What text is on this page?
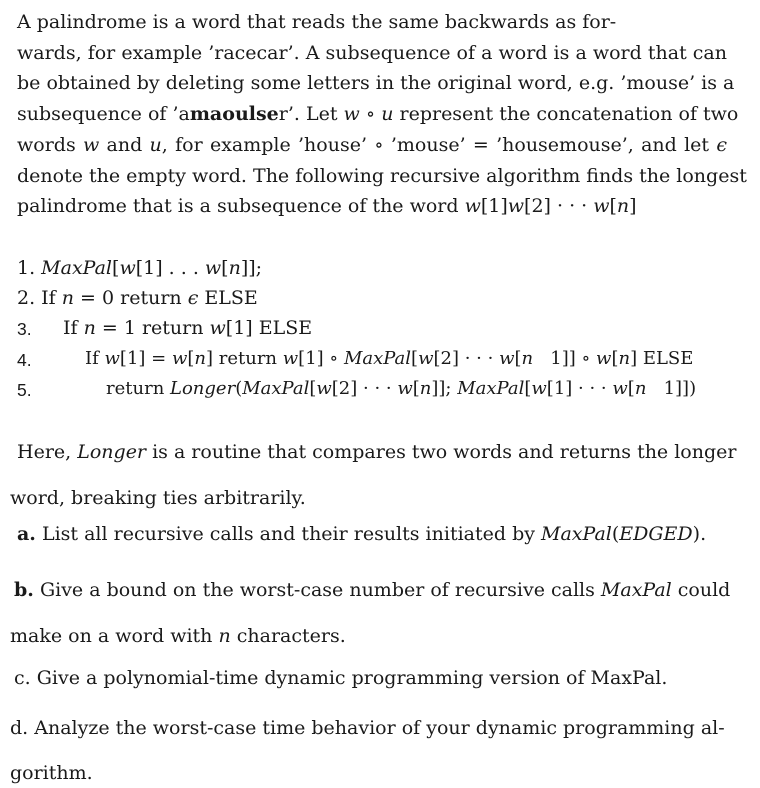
A palindrome is a word that reads the same backwards as for-
wards, for example ’racecar’. A subsequence of a word is a word that can
be obtained by deleting some letters in the original word, e.g. ’mouse’ is a
subsequence of ’amaoulser’. Let w ∘ u represent the concatenation of two
words w and u, for example ’house’ ∘ ’mouse’ = ’housemouse’, and let ϵ
denote the empty word. The following recursive algorithm finds the longest
palindrome that is a subsequence of the word w[1]w[2] · · · w[n]
1. MaxPal[w[1] . . . w[n]];
2. If n = 0 return ϵ ELSE
3. If n = 1 return w[1] ELSE
4.	If w[1] = w[n] return w[1] ∘ MaxPal[w[2] · · · w[n   1]] ∘ w[n] ELSE
5.	return Longer(MaxPal[w[2] · · · w[n]]; MaxPal[w[1] · · · w[n   1]])
Here, Longer is a routine that compares two words and returns the longer
word, breaking ties arbitrarily.
a. List all recursive calls and their results initiated by MaxPal(EDGED).
b. Give a bound on the worst-case number of recursive calls MaxPal could
make on a word with n characters.
c. Give a polynomial-time dynamic programming version of MaxPal.
d. Analyze the worst-case time behavior of your dynamic programming al-
gorithm.
